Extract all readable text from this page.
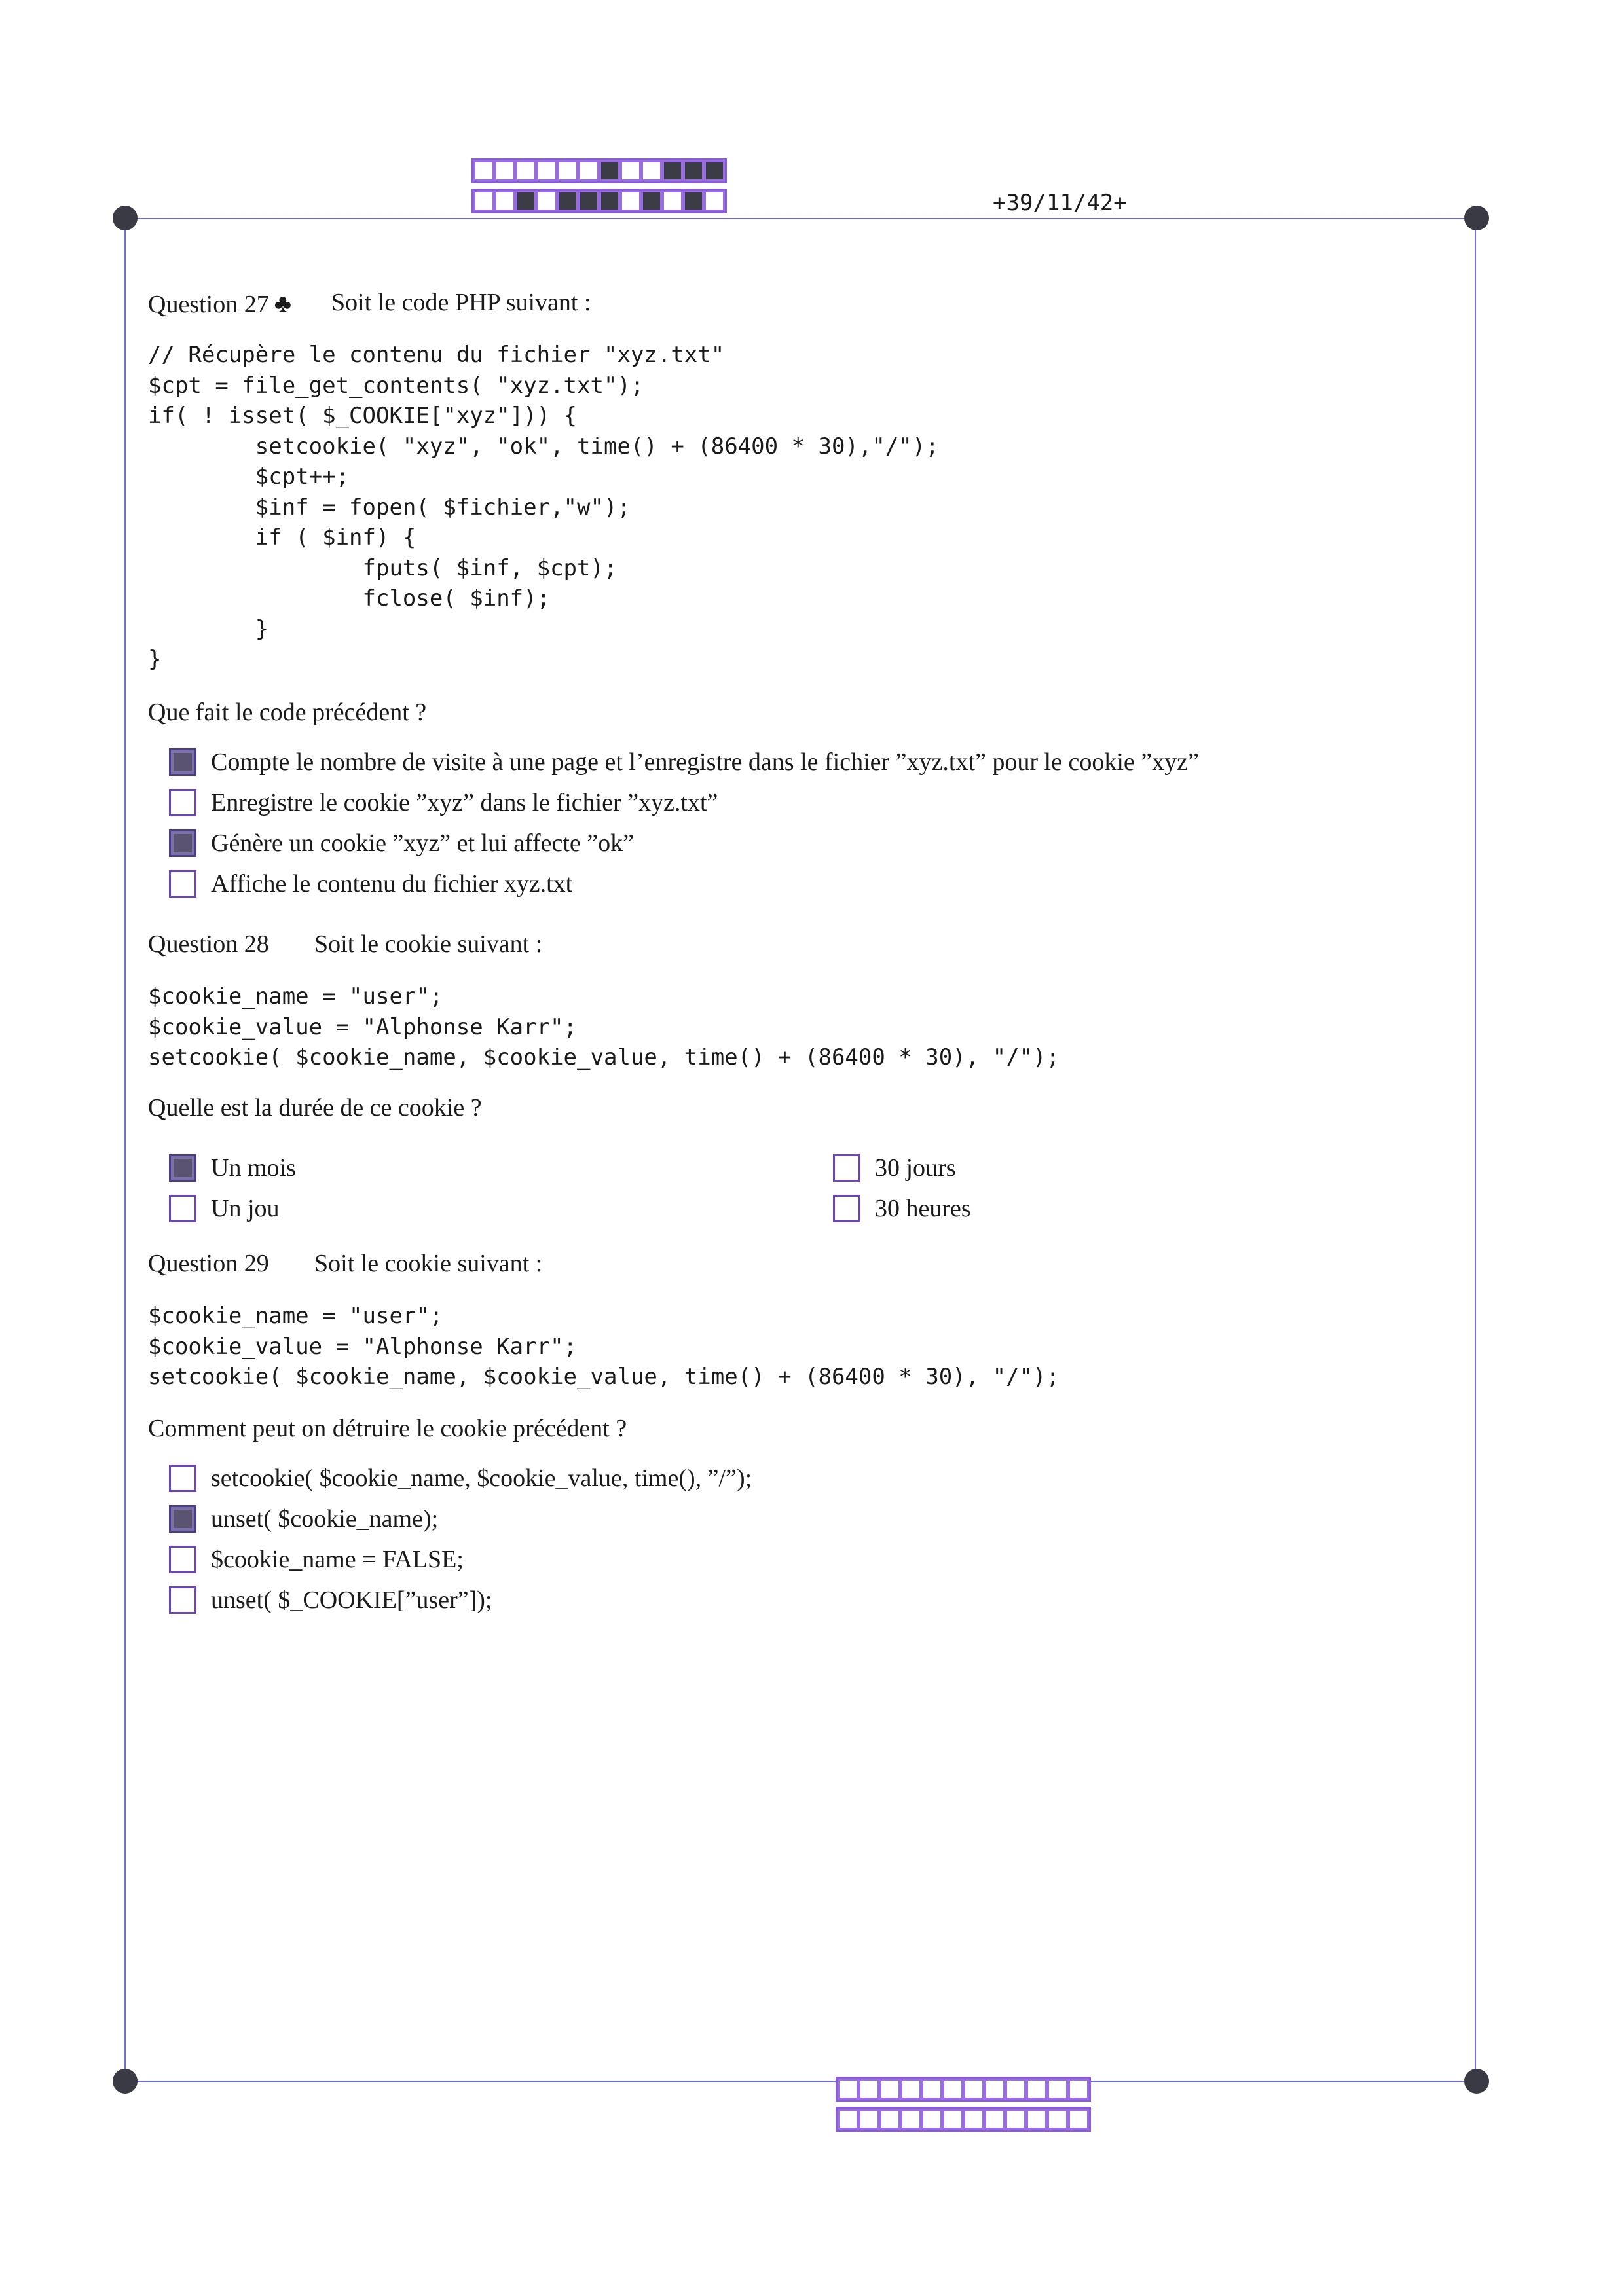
+39/11/42+
Question 27 ♣ Soit le code PHP suivant :
// Récupère le contenu du fichier "xyz.txt"
$cpt = file_get_contents( "xyz.txt");
if( ! isset( $_COOKIE["xyz"])) {
setcookie( "xyz", "ok", time() + (86400 * 30),"/");
$cpt++;
$inf = fopen( $fichier,"w");
if ( $inf) {
fputs( $inf, $cpt);
fclose( $inf);
}
}
Que fait le code précédent ?
Compte le nombre de visite à une page et l’enregistre dans le fichier ”xyz.txt” pour le cookie ”xyz”
Enregistre le cookie ”xyz” dans le fichier ”xyz.txt”
Génère un cookie ”xyz” et lui affecte ”ok”
Affiche le contenu du fichier xyz.txt
Question 28 Soit le cookie suivant :
$cookie_name = "user";
$cookie_value = "Alphonse Karr";
setcookie( $cookie_name, $cookie_value, time() + (86400 * 30), "/");
Quelle est la durée de ce cookie ?
Un mois
Un jou
30 jours
30 heures
Question 29 Soit le cookie suivant :
$cookie_name = "user";
$cookie_value = "Alphonse Karr";
setcookie( $cookie_name, $cookie_value, time() + (86400 * 30), "/");
Comment peut on détruire le cookie précédent ?
setcookie( $cookie_name, $cookie_value, time(), ”/”);
unset( $cookie_name);
$cookie_name = FALSE;
unset( $_COOKIE[”user”]);
